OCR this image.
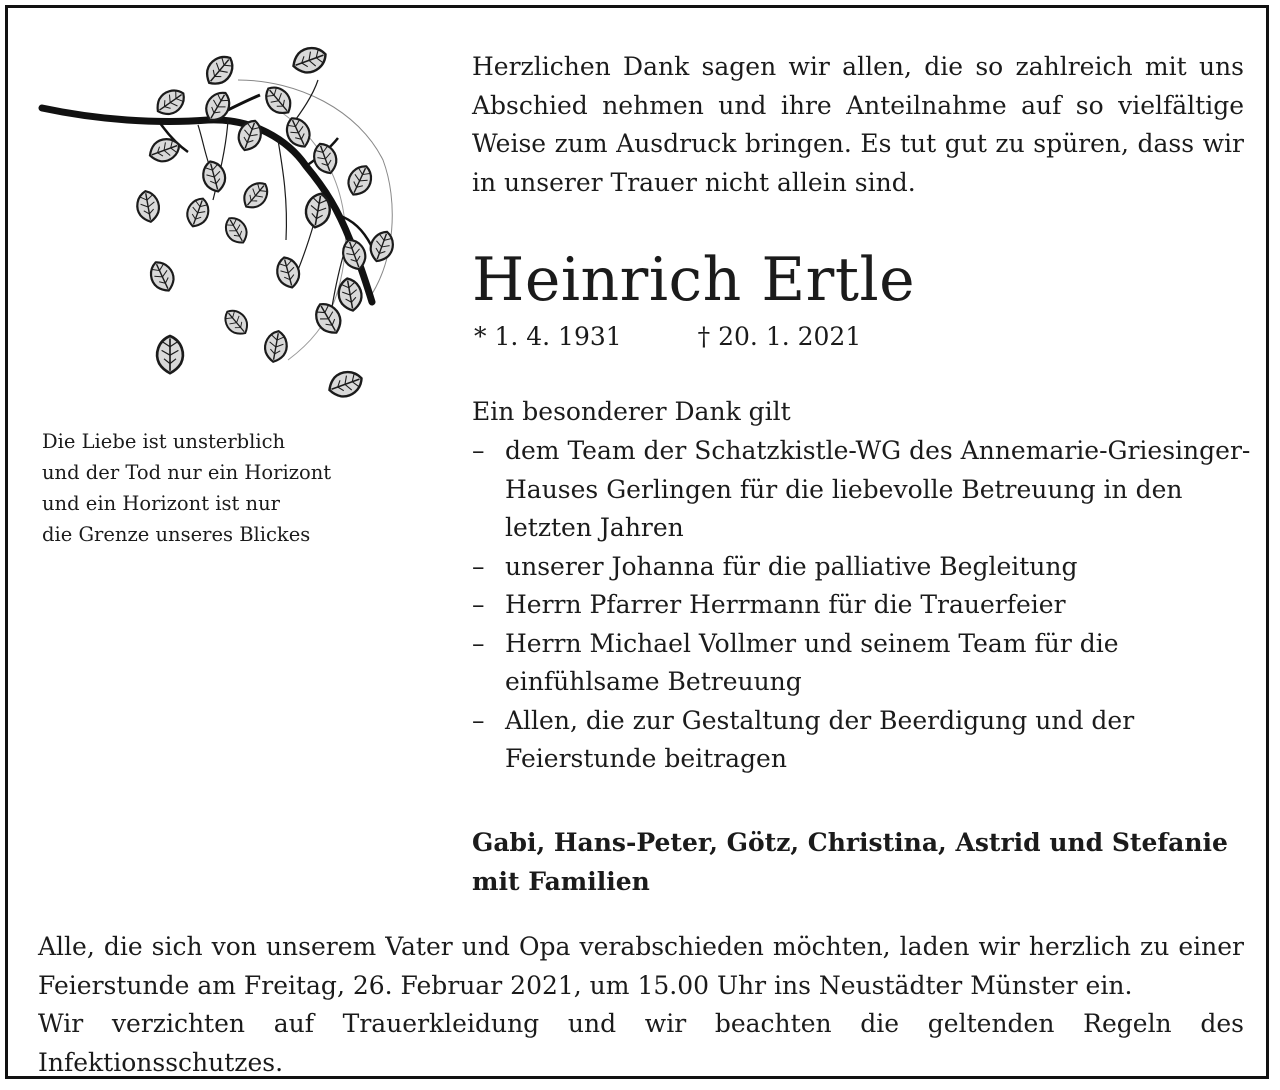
Die Liebe ist unsterblich
und der Tod nur ein Horizont
und ein Horizont ist nur
die Grenze unseres Blickes
Herzlichen Dank sagen wir allen, die so zahlreich mit uns Abschied nehmen und ihre Anteilnahme auf so vielfältige Weise zum Ausdruck bringen. Es tut gut zu spüren, dass wir in unserer Trauer nicht allein sind.
Heinrich Ertle
* 1. 4. 1931	† 20. 1. 2021
Ein besonderer Dank gilt
– dem Team der Schatzkistle-WG des Annemarie-Griesinger-Hauses Gerlingen für die liebevolle Betreuung in den letzten Jahren
– unserer Johanna für die palliative Begleitung
– Herrn Pfarrer Herrmann für die Trauerfeier
– Herrn Michael Vollmer und seinem Team für die einfühlsame Betreuung
– Allen, die zur Gestaltung der Beerdigung und der Feierstunde beitragen
Gabi, Hans-Peter, Götz, Christina, Astrid und Stefanie
mit Familien
Alle, die sich von unserem Vater und Opa verabschieden möchten, laden wir herzlich zu einer
Feierstunde am Freitag, 26. Februar 2021, um 15.00 Uhr ins Neustädter Münster ein.
Wir verzichten auf Trauerkleidung und wir beachten die geltenden Regeln des Infektionsschutzes.
